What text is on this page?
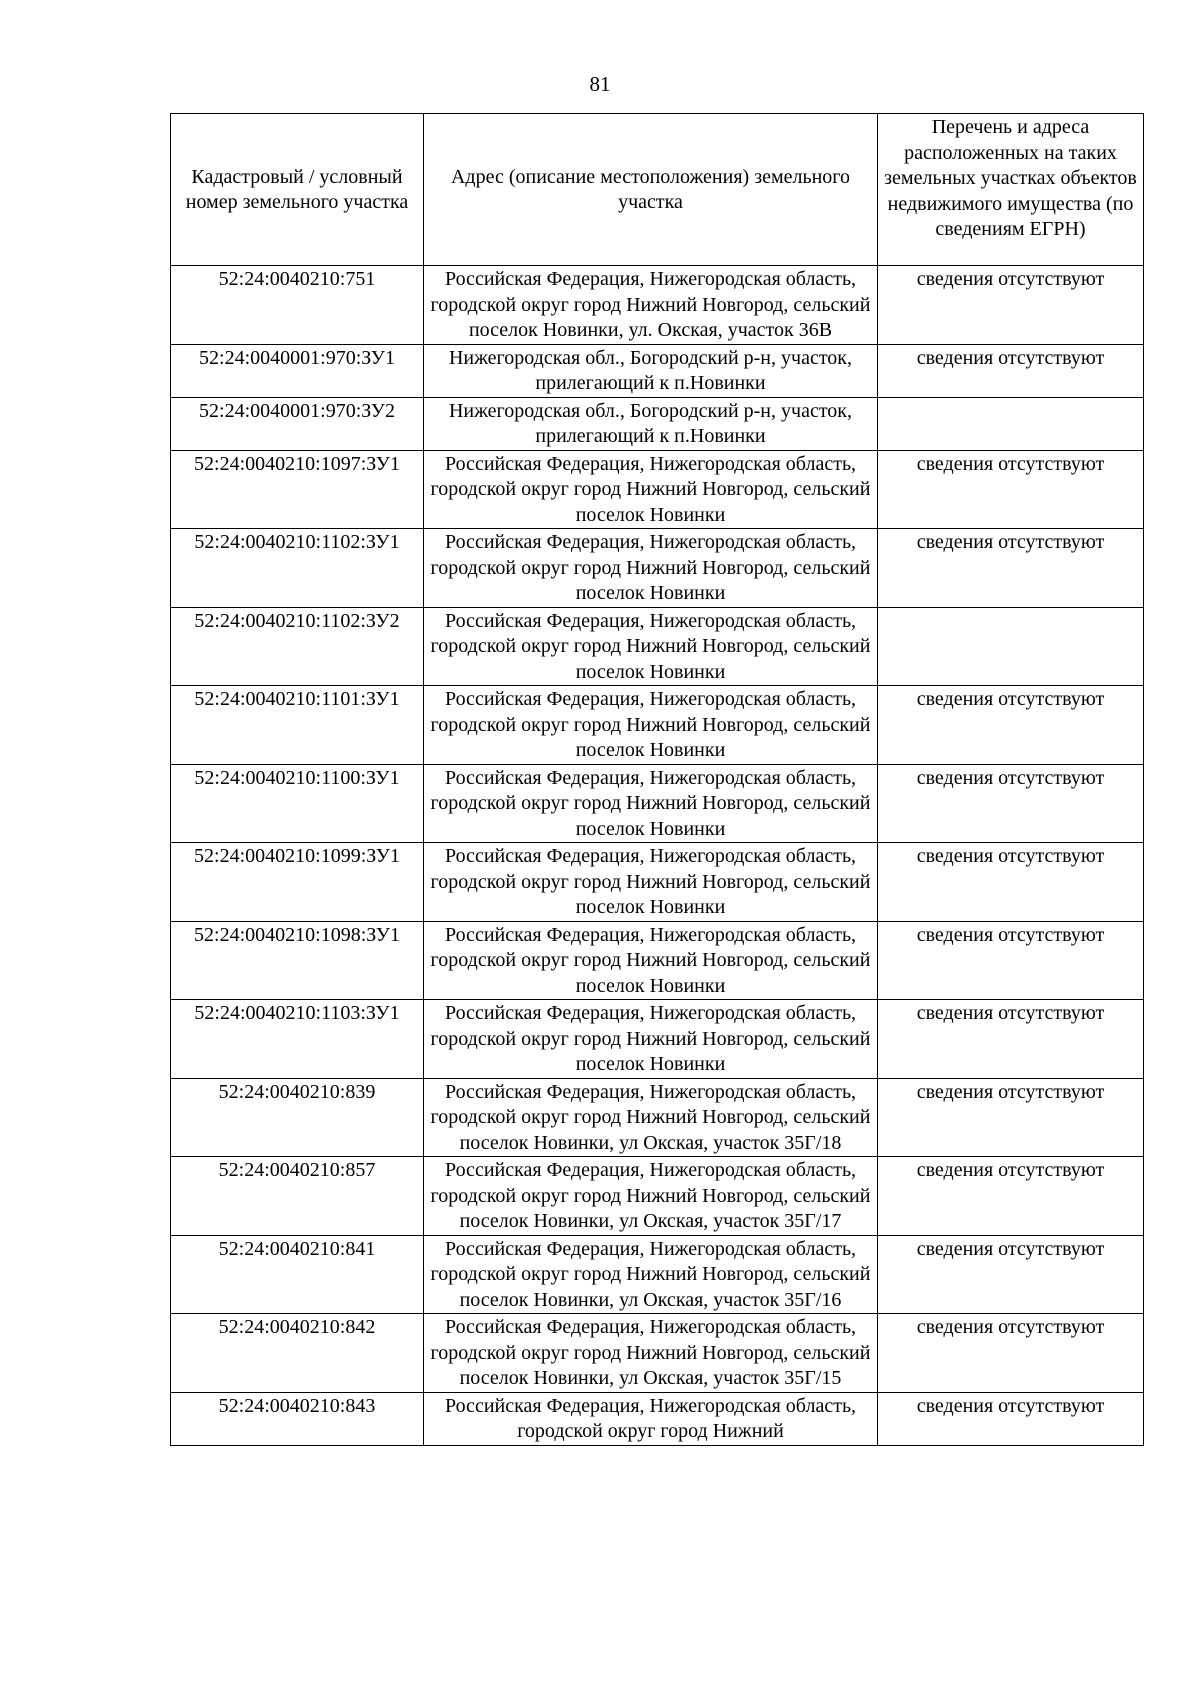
81
Кадастровый / условный номер земельного участка	Адрес (описание местоположения) земельного участка	Перечень и адреса расположенных на таких земельных участках объектов недвижимого имущества (по сведениям ЕГРН)
52:24:0040210:751	Российская Федерация, Нижегородская область, городской округ город Нижний Новгород, сельский поселок Новинки, ул. Окская, участок 36В	сведения отсутствуют
52:24:0040001:970:ЗУ1	Нижегородская обл., Богородский р-н, участок, прилегающий к п.Новинки	сведения отсутствуют
52:24:0040001:970:ЗУ2	Нижегородская обл., Богородский р-н, участок, прилегающий к п.Новинки	
52:24:0040210:1097:ЗУ1	Российская Федерация, Нижегородская область, городской округ город Нижний Новгород, сельский поселок Новинки	сведения отсутствуют
52:24:0040210:1102:ЗУ1	Российская Федерация, Нижегородская область, городской округ город Нижний Новгород, сельский поселок Новинки	сведения отсутствуют
52:24:0040210:1102:ЗУ2	Российская Федерация, Нижегородская область, городской округ город Нижний Новгород, сельский поселок Новинки	
52:24:0040210:1101:ЗУ1	Российская Федерация, Нижегородская область, городской округ город Нижний Новгород, сельский поселок Новинки	сведения отсутствуют
52:24:0040210:1100:ЗУ1	Российская Федерация, Нижегородская область, городской округ город Нижний Новгород, сельский поселок Новинки	сведения отсутствуют
52:24:0040210:1099:ЗУ1	Российская Федерация, Нижегородская область, городской округ город Нижний Новгород, сельский поселок Новинки	сведения отсутствуют
52:24:0040210:1098:ЗУ1	Российская Федерация, Нижегородская область, городской округ город Нижний Новгород, сельский поселок Новинки	сведения отсутствуют
52:24:0040210:1103:ЗУ1	Российская Федерация, Нижегородская область, городской округ город Нижний Новгород, сельский поселок Новинки	сведения отсутствуют
52:24:0040210:839	Российская Федерация, Нижегородская область, городской округ город Нижний Новгород, сельский поселок Новинки, ул Окская, участок 35Г/18	сведения отсутствуют
52:24:0040210:857	Российская Федерация, Нижегородская область, городской округ город Нижний Новгород, сельский поселок Новинки, ул Окская, участок 35Г/17	сведения отсутствуют
52:24:0040210:841	Российская Федерация, Нижегородская область, городской округ город Нижний Новгород, сельский поселок Новинки, ул Окская, участок 35Г/16	сведения отсутствуют
52:24:0040210:842	Российская Федерация, Нижегородская область, городской округ город Нижний Новгород, сельский поселок Новинки, ул Окская, участок 35Г/15	сведения отсутствуют
52:24:0040210:843	Российская Федерация, Нижегородская область, городской округ город Нижний	сведения отсутствуют
